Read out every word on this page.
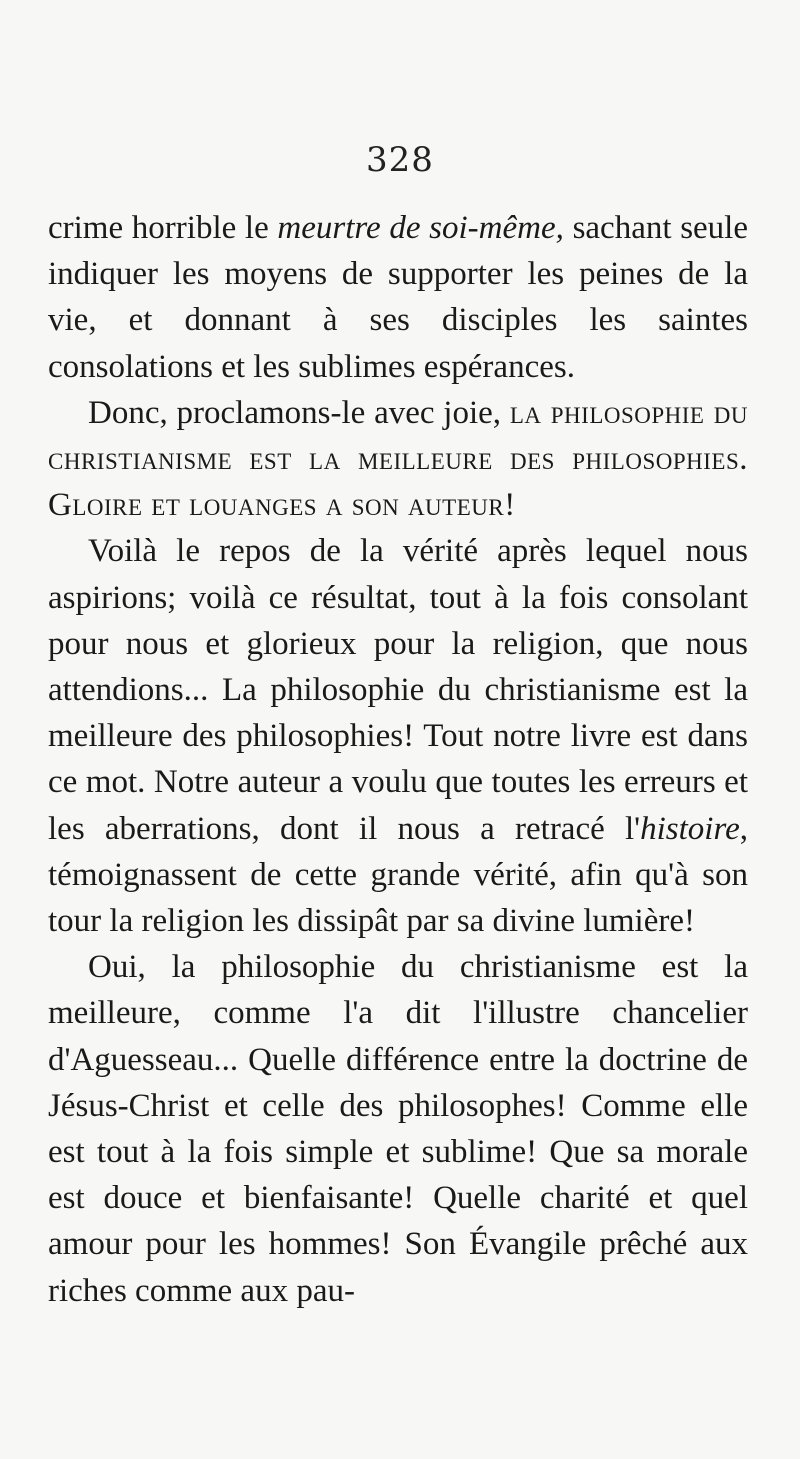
328

crime horrible le meurtre de soi-même, sachant seule indiquer les moyens de supporter les peines de la vie, et donnant à ses disciples les saintes consolations et les sublimes espérances.

Donc, proclamons-le avec joie, la philosophie du christianisme est la meilleure des philosophies. Gloire et louanges a son auteur!

Voilà le repos de la vérité après lequel nous aspirions; voilà ce résultat, tout à la fois consolant pour nous et glorieux pour la religion, que nous attendions... La philosophie du christianisme est la meilleure des philosophies! Tout notre livre est dans ce mot. Notre auteur a voulu que toutes les erreurs et les aberrations, dont il nous a retracé l'histoire, témoignassent de cette grande vérité, afin qu'à son tour la religion les dissipât par sa divine lumière!

Oui, la philosophie du christianisme est la meilleure, comme l'a dit l'illustre chancelier d'Aguesseau... Quelle différence entre la doctrine de Jésus-Christ et celle des philosophes! Comme elle est tout à la fois simple et sublime! Que sa morale est douce et bienfaisante! Quelle charité et quel amour pour les hommes! Son Évangile prêché aux riches comme aux pau-
